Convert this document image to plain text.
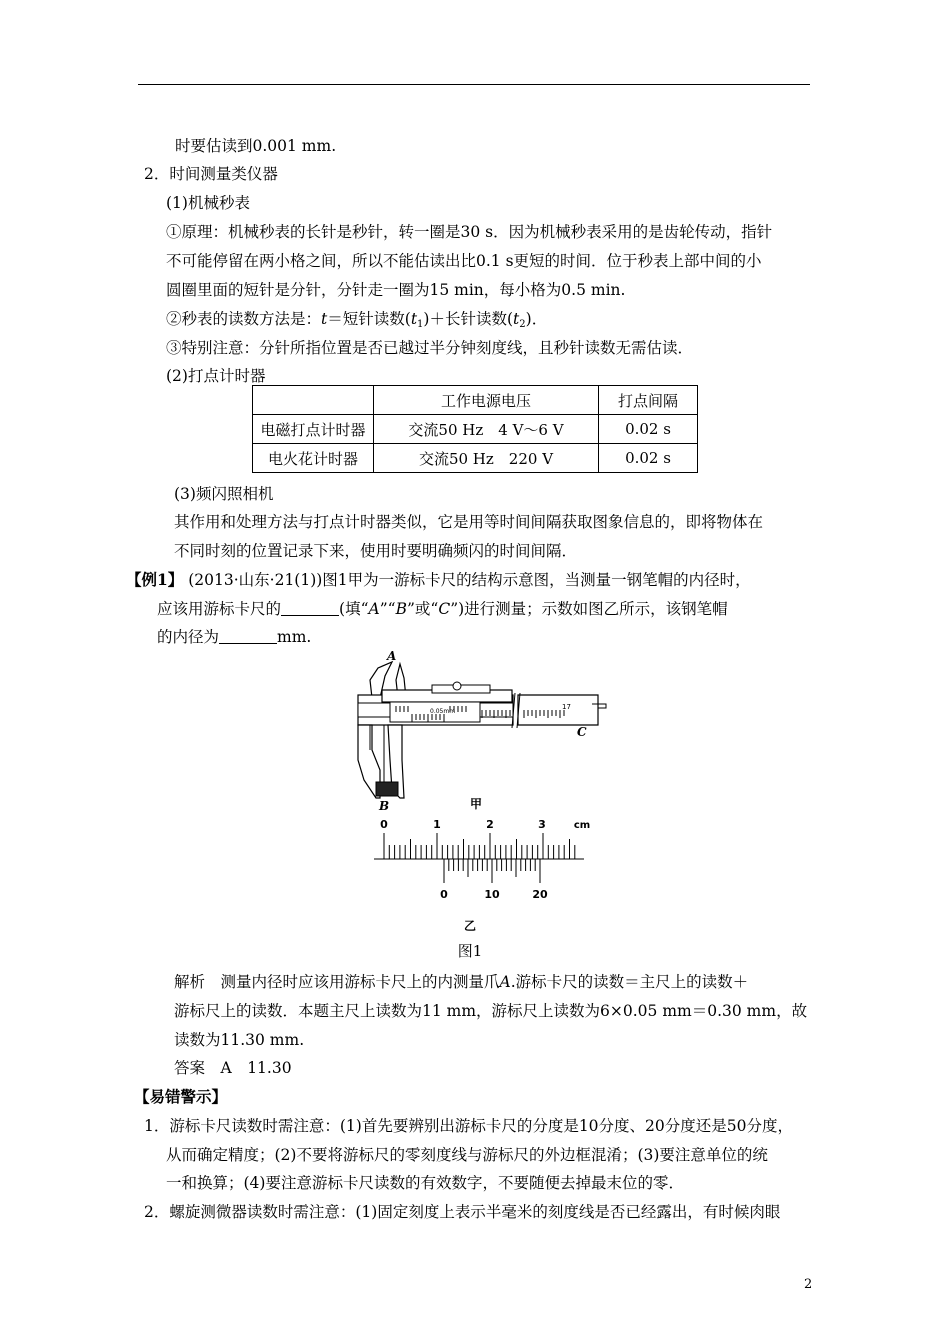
时要估读到0.001 mm.
2．时间测量类仪器
(1)机械秒表
①原理：机械秒表的长针是秒针，转一圈是30 s．因为机械秒表采用的是齿轮传动，指针
不可能停留在两小格之间，所以不能估读出比0.1 s更短的时间．位于秒表上部中间的小
圆圈里面的短针是分针，分针走一圈为15 min，每小格为0.5 min.
②秒表的读数方法是：t＝短针读数$(t_1)+$长针读数$(t_2)$．
③特别注意：分针所指位置是否已越过半分钟刻度线，且秒针读数无需估读．
(2)打点计时器
	工作电源电压	打点间隔
电磁打点计时器	交流50 Hz　4 V～6 V	0.02 s
电火花计时器	交流50 Hz　220 V	0.02 s
(3)频闪照相机
其作用和处理方法与打点计时器类似，它是用等时间间隔获取图象信息的，即将物体在
不同时刻的位置记录下来，使用时要明确频闪的时间间隔．
【例1】 (2013·山东·21(1))图1甲为一游标卡尺的结构示意图，当测量一钢笔帽的内径时，
应该用游标卡尺的	(填“A”“B”或“C”)进行测量；示数如图乙所示，该钢笔帽
的内径为	mm.
0.05mm
17
A
B
C
甲
0	1	2	3	cm
0	10	20
乙
图1
解析　测量内径时应该用游标卡尺上的内测量爪A.游标卡尺的读数＝主尺上的读数＋
游标尺上的读数．本题主尺上读数为11 mm，游标尺上读数为6×0.05 mm＝0.30 mm，故
读数为11.30 mm.
答案　A　11.30
【易错警示】
1．游标卡尺读数时需注意：(1)首先要辨别出游标卡尺的分度是10分度、20分度还是50分度，
从而确定精度；(2)不要将游标尺的零刻度线与游标尺的外边框混淆；(3)要注意单位的统
一和换算；(4)要注意游标卡尺读数的有效数字，不要随便去掉最末位的零．
2．螺旋测微器读数时需注意：(1)固定刻度上表示半毫米的刻度线是否已经露出，有时候肉眼
2
